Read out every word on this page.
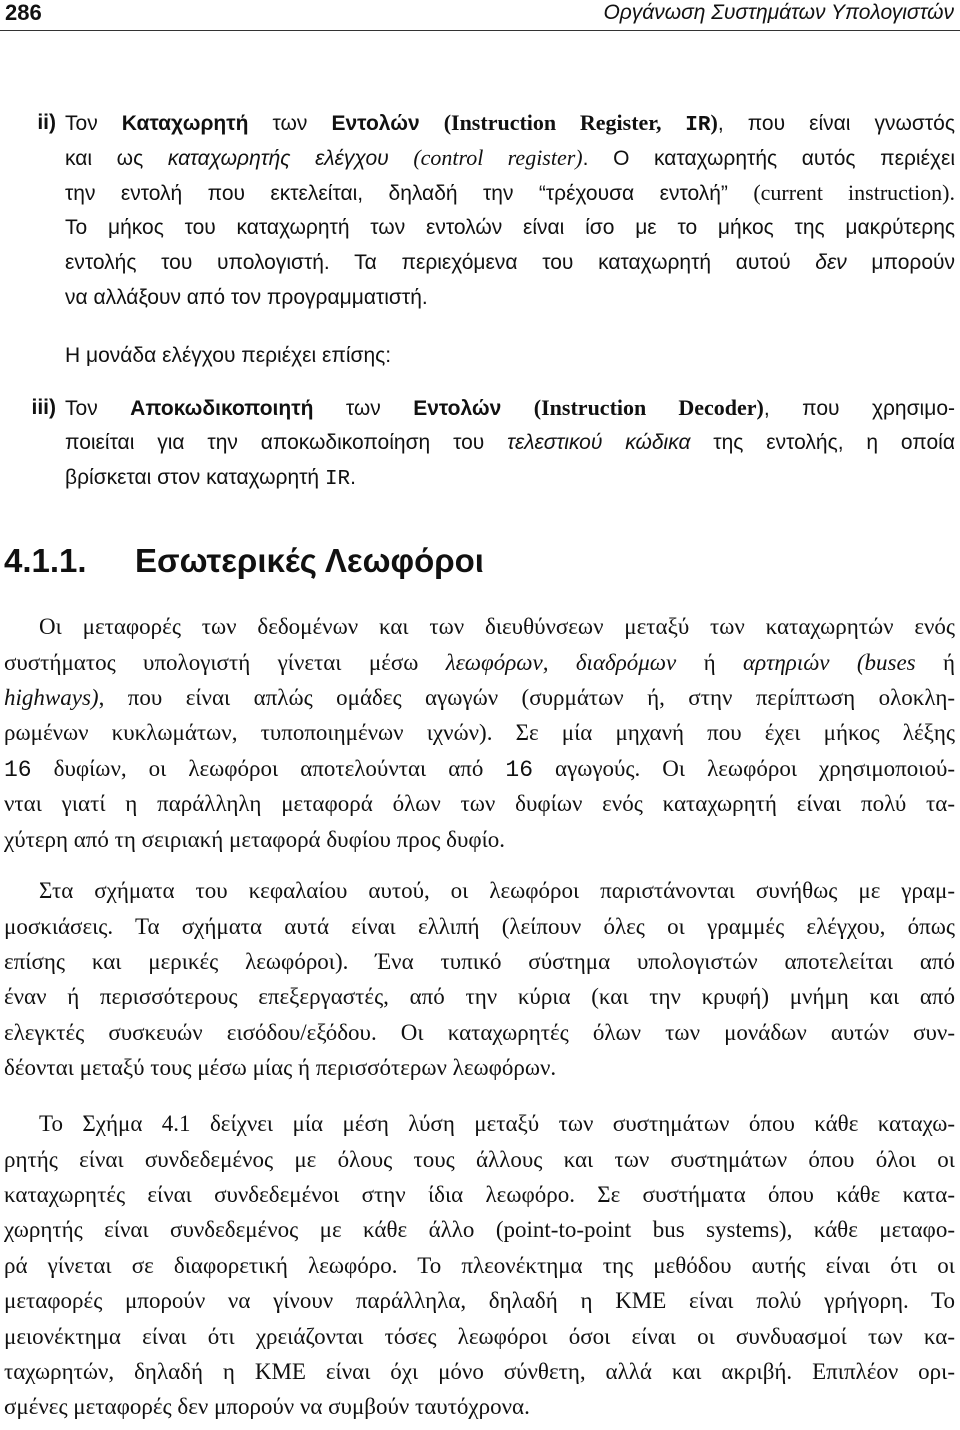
286	Οργάνωση Συστημάτων Υπολογιστών
ii) Τον Καταχωρητή των Εντολών (Instruction Register, IR), που είναι γνωστός
και ως καταχωρητής ελέγχου (control register). Ο καταχωρητής αυτός περιέχει
την εντολή που εκτελείται, δηλαδή την “τρέχουσα εντολή” (current instruction).
Το μήκος του καταχωρητή των εντολών είναι ίσο με το μήκος της μακρύτερης
εντολής του υπολογιστή. Τα περιεχόμενα του καταχωρητή αυτού δεν μπορούν
να αλλάξουν από τον προγραμματιστή.
Η μονάδα ελέγχου περιέχει επίσης:
iii) Τον Αποκωδικοποιητή των Εντολών (Instruction Decoder), που χρησιμο-
ποιείται για την αποκωδικοποίηση του τελεστικού κώδικα της εντολής, η οποία
βρίσκεται στον καταχωρητή IR.
4.1.1. Εσωτερικές Λεωφόροι
Οι μεταφορές των δεδομένων και των διευθύνσεων μεταξύ των καταχωρητών ενός
συστήματος υπολογιστή γίνεται μέσω λεωφόρων, διαδρόμων ή αρτηριών (buses ή
highways), που είναι απλώς ομάδες αγωγών (συρμάτων ή, στην περίπτωση ολοκλη-
ρωμένων κυκλωμάτων, τυποποιημένων ιχνών). Σε μία μηχανή που έχει μήκος λέξης
16 δυφίων, οι λεωφόροι αποτελούνται από 16 αγωγούς. Οι λεωφόροι χρησιμοποιού-
νται γιατί η παράλληλη μεταφορά όλων των δυφίων ενός καταχωρητή είναι πολύ τα-
χύτερη από τη σειριακή μεταφορά δυφίου προς δυφίο.
Στα σχήματα του κεφαλαίου αυτού, οι λεωφόροι παριστάνονται συνήθως με γραμ-
μοσκιάσεις. Τα σχήματα αυτά είναι ελλιπή (λείπουν όλες οι γραμμές ελέγχου, όπως
επίσης και μερικές λεωφόροι). Ένα τυπικό σύστημα υπολογιστών αποτελείται από
έναν ή περισσότερους επεξεργαστές, από την κύρια (και την κρυφή) μνήμη και από
ελεγκτές συσκευών εισόδου/εξόδου. Οι καταχωρητές όλων των μονάδων αυτών συν-
δέονται μεταξύ τους μέσω μίας ή περισσότερων λεωφόρων.
Το Σχήμα 4.1 δείχνει μία μέση λύση μεταξύ των συστημάτων όπου κάθε καταχω-
ρητής είναι συνδεδεμένος με όλους τους άλλους και των συστημάτων όπου όλοι οι
καταχωρητές είναι συνδεδεμένοι στην ίδια λεωφόρο. Σε συστήματα όπου κάθε κατα-
χωρητής είναι συνδεδεμένος με κάθε άλλο (point-to-point bus systems), κάθε μεταφο-
ρά γίνεται σε διαφορετική λεωφόρο. Το πλεονέκτημα της μεθόδου αυτής είναι ότι οι
μεταφορές μπορούν να γίνουν παράλληλα, δηλαδή η ΚΜΕ είναι πολύ γρήγορη. Το
μειονέκτημα είναι ότι χρειάζονται τόσες λεωφόροι όσοι είναι οι συνδυασμοί των κα-
ταχωρητών, δηλαδή η ΚΜΕ είναι όχι μόνο σύνθετη, αλλά και ακριβή. Επιπλέον ορι-
σμένες μεταφορές δεν μπορούν να συμβούν ταυτόχρονα.
